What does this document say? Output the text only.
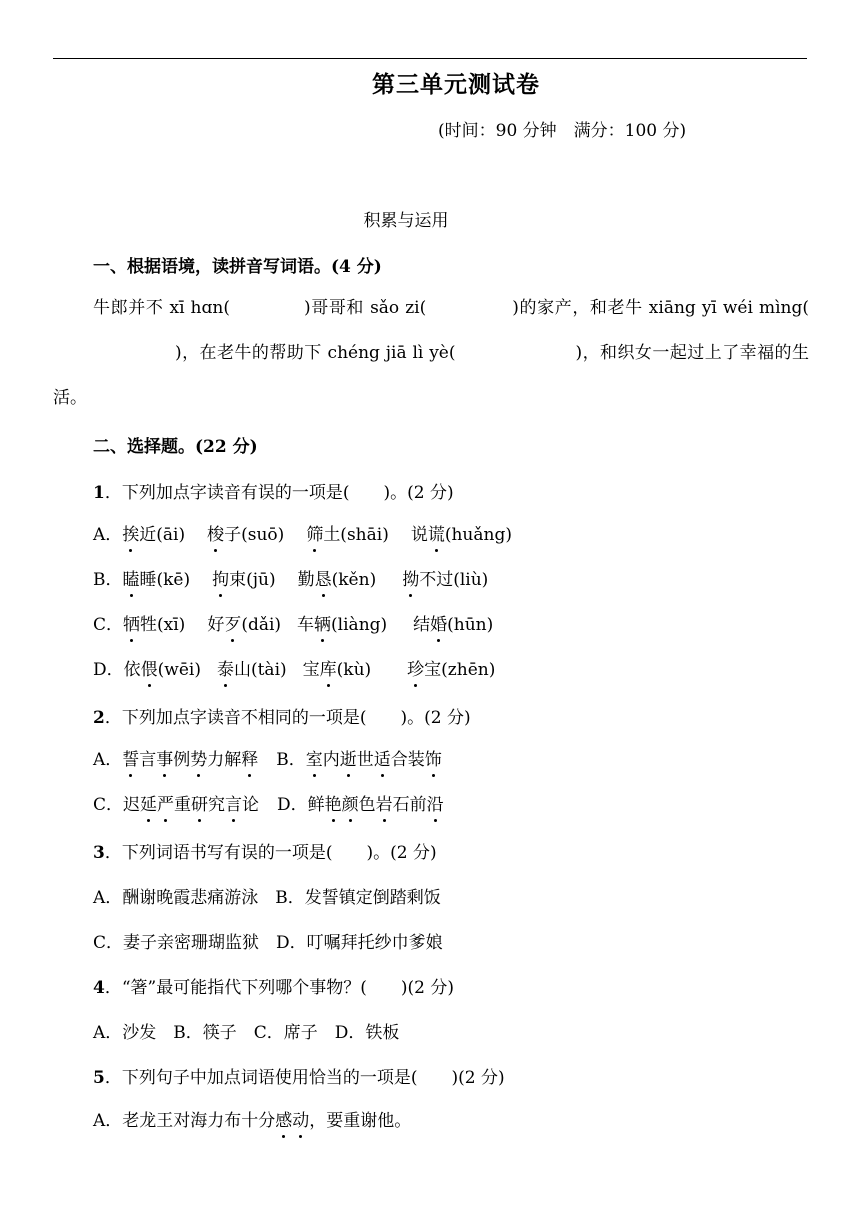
第三单元测试卷
(时间：90 分钟　满分：100 分)
积累与运用
一、根据语境，读拼音写词语。(4 分)
牛郎并不 xī hɑn(	)哥哥和 sǎo zi(	)的家产，和老牛 xiāng yī wéi mìng()，在老牛的帮助下 chéng jiā lì yè(	)，和织女一起过上了幸福的生活。
二、选择题。(22 分)
1．下列加点字读音有误的一项是(　　)。(2 分)
A．挨近(āi) 梭子(suō) 筛土(shāi) 说谎(huǎng)
B．瞌睡(kē) 拘束(jū) 勤恳(kěn) 拗不过(liù)
C．牺牲(xī) 好歹(dǎi) 车辆(liàng) 结婚(hūn)
D．依偎(wēi) 泰山(tài) 宝库(kù) 珍宝(zhēn)
2．下列加点字读音不相同的一项是(　　)。(2 分)
A．誓言事例势力解释 B．室内逝世适合装饰
C．迟延严重研究言论 D．鲜艳颜色岩石前沿
3．下列词语书写有误的一项是(　　)。(2 分)
A．酬谢晚霞悲痛游泳　B．发誓镇定倒踏剩饭
C．妻子亲密珊瑚监狱　D．叮嘱拜托纱巾爹娘
4．“箸”最可能指代下列哪个事物？(　　)(2 分)
A．沙发　B．筷子　C．席子　D．铁板
5．下列句子中加点词语使用恰当的一项是(　　)(2 分)
A．老龙王对海力布十分感动，要重谢他。
